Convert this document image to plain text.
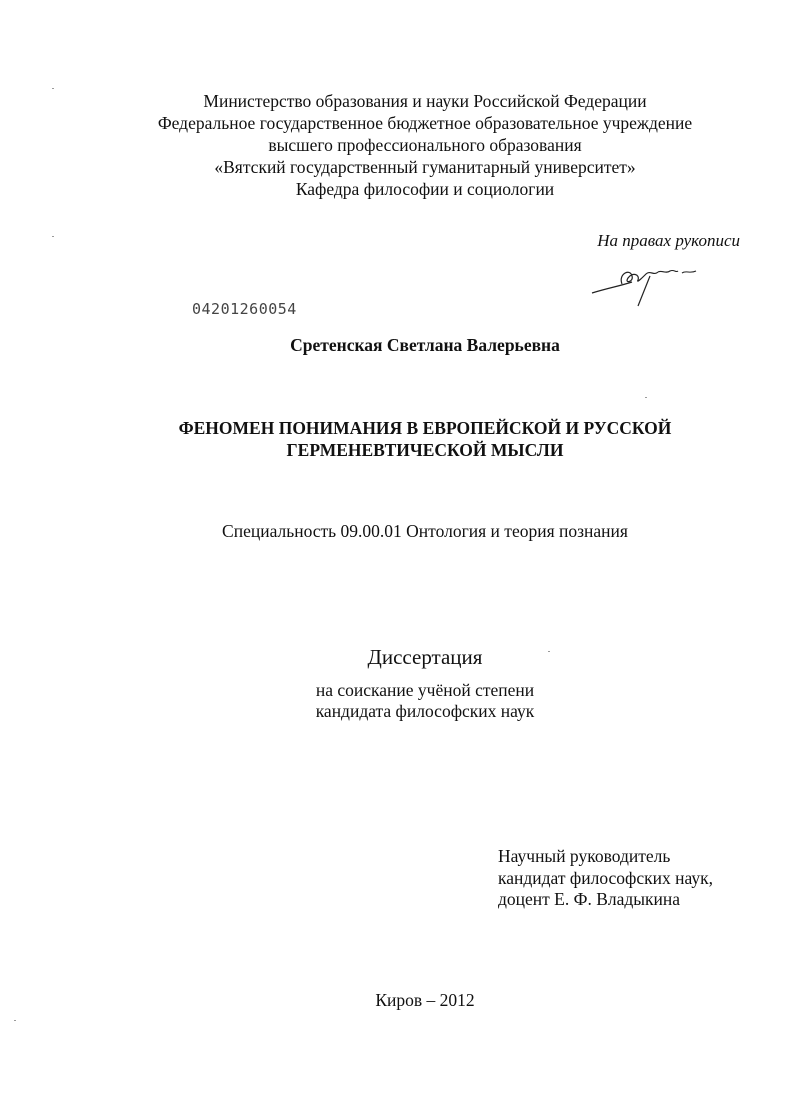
Министерство образования и науки Российской Федерации
Федеральное государственное бюджетное образовательное учреждение
высшего профессионального образования
«Вятский государственный гуманитарный университет»
Кафедра философии и социологии
На правах рукописи
04201260054
Сретенская Светлана Валерьевна
ФЕНОМЕН ПОНИМАНИЯ В ЕВРОПЕЙСКОЙ И РУССКОЙ
ГЕРМЕНЕВТИЧЕСКОЙ МЫСЛИ
Специальность 09.00.01 Онтология и теория познания
Диссертация
на соискание учёной степени
кандидата философских наук
Научный руководитель
кандидат философских наук,
доцент Е. Ф. Владыкина
Киров – 2012
